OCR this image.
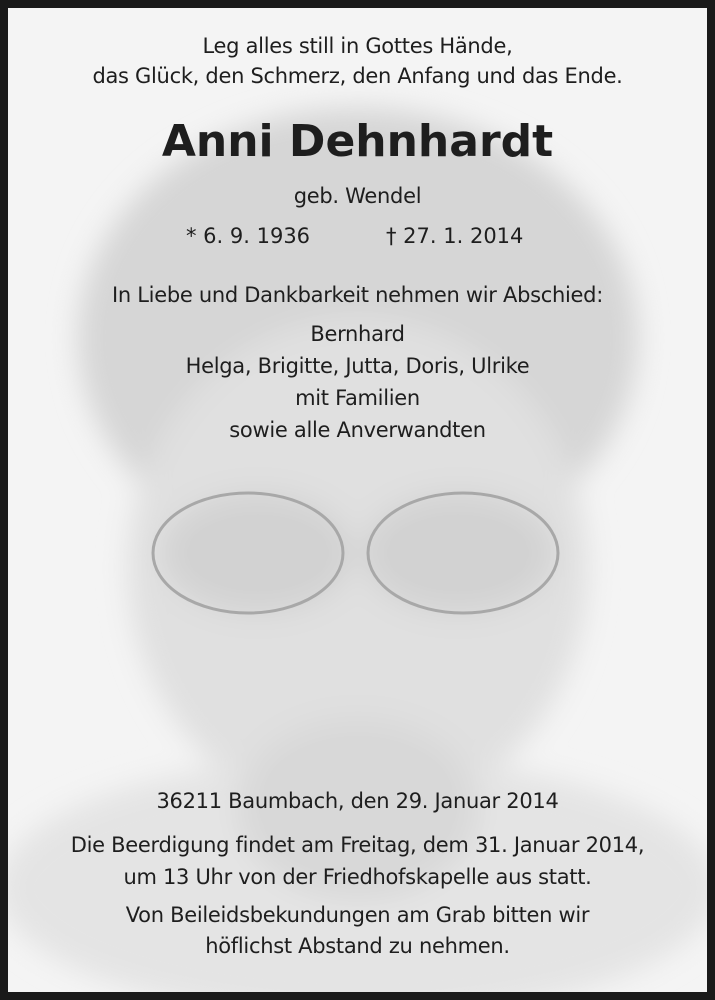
Leg alles still in Gottes Hände,
das Glück, den Schmerz, den Anfang und das Ende.
Anni Dehnhardt
geb. Wendel
* 6. 9. 1936	† 27. 1. 2014
In Liebe und Dankbarkeit nehmen wir Abschied:
Bernhard
Helga, Brigitte, Jutta, Doris, Ulrike
mit Familien
sowie alle Anverwandten
36211 Baumbach, den 29. Januar 2014
Die Beerdigung findet am Freitag, dem 31. Januar 2014,
um 13 Uhr von der Friedhofskapelle aus statt.
Von Beileidsbekundungen am Grab bitten wir
höflichst Abstand zu nehmen.
